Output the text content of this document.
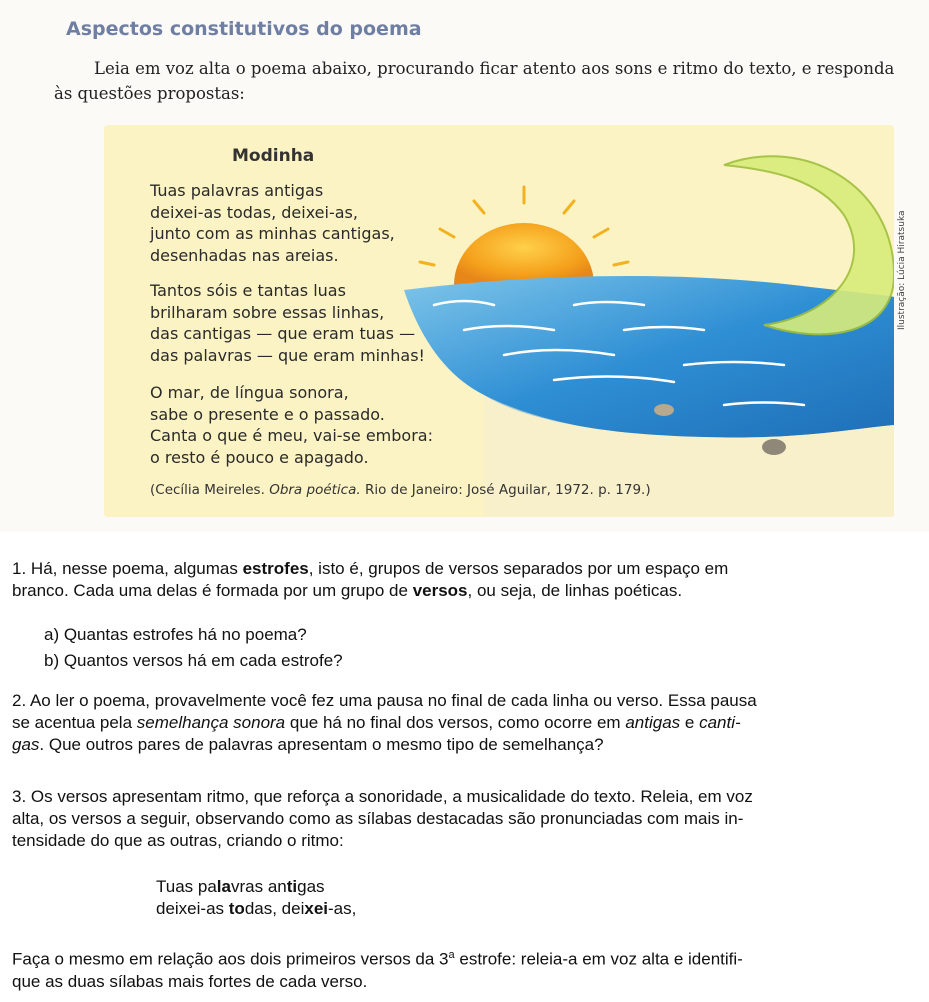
Aspectos constitutivos do poema
Leia em voz alta o poema abaixo, procurando ficar atento aos sons e ritmo do texto, e responda às questões propostas:
Modinha
Tuas palavras antigas
deixei-as todas, deixei-as,
junto com as minhas cantigas,
desenhadas nas areias.
Tantos sóis e tantas luas
brilharam sobre essas linhas,
das cantigas — que eram tuas —
das palavras — que eram minhas!
O mar, de língua sonora,
sabe o presente e o passado.
Canta o que é meu, vai-se embora:
o resto é pouco e apagado.
(Cecília Meireles. Obra poética. Rio de Janeiro: José Aguilar, 1972. p. 179.)
Ilustração: Lúcia Hiratsuka
1. Há, nesse poema, algumas estrofes, isto é, grupos de versos separados por um espaço em
branco. Cada uma delas é formada por um grupo de versos, ou seja, de linhas poéticas.
a) Quantas estrofes há no poema?
b) Quantos versos há em cada estrofe?
2. Ao ler o poema, provavelmente você fez uma pausa no final de cada linha ou verso. Essa pausa
se acentua pela semelhança sonora que há no final dos versos, como ocorre em antigas e canti-
gas. Que outros pares de palavras apresentam o mesmo tipo de semelhança?
3. Os versos apresentam ritmo, que reforça a sonoridade, a musicalidade do texto. Releia, em voz
alta, os versos a seguir, observando como as sílabas destacadas são pronunciadas com mais in-
tensidade do que as outras, criando o ritmo:
Tuas palavras antigas
deixei-as todas, deixei-as,
Faça o mesmo em relação aos dois primeiros versos da 3$^a$ estrofe: releia-a em voz alta e identifi-
que as duas sílabas mais fortes de cada verso.
